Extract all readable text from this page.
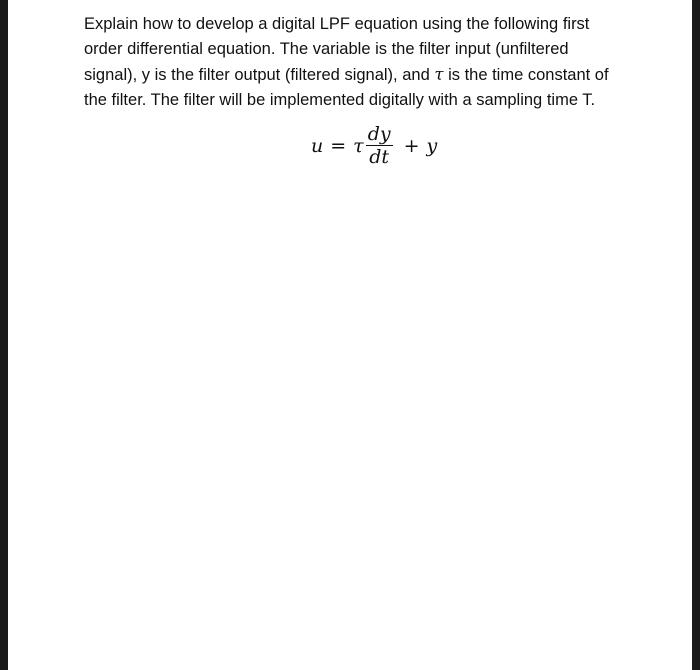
Explain how to develop a digital LPF equation using the following first order differential equation. The variable is the filter input (unfiltered signal), y is the filter output (filtered signal), and τ is the time constant of the filter. The filter will be implemented digitally with a sampling time T.

u = τ $\frac{dy}{dt} + y$
